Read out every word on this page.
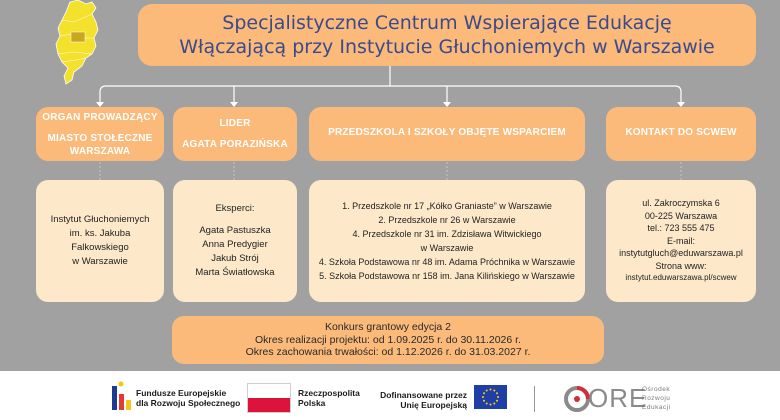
Specjalistyczne Centrum Wspierające Edukację
Włączającą przy Instytucie Głuchoniemych w Warszawie
ORGAN PROWADZĄCY
MIASTO STOŁECZNE
WARSZAWA
LIDER
AGATA PORAZIŃSKA
PRZEDSZKOLA I SZKOŁY OBJĘTE WSPARCIEM	KONTAKT DO SCWEW
Instytut Głuchoniemych
im. ks. Jakuba
Falkowskiego
w Warszawie
Eksperci:
Agata Pastuszka
Anna Predygier
Jakub Strój
Marta Światłowska
1. Przedszkole nr 17 „Kółko Graniaste” w Warszawie
2. Przedszkole nr 26 w Warszawie
4. Przedszkole nr 31 im. Zdzisława Witwickiego
w Warszawie
4. Szkoła Podstawowa nr 48 im. Adama Próchnika w Warszawie
5. Szkoła Podstawowa nr 158 im. Jana Kilińskiego w Warszawie
ul. Zakroczymska 6
00-225 Warszawa
tel.: 723 555 475
E-mail:
instytutgluch@eduwarszawa.pl
Strona www:
instytut.eduwarszawa.pl/scwew
Konkurs grantowy edycja 2
Okres realizacji projektu: od 1.09.2025 r. do 30.11.2026 r.
Okres zachowania trwałości: od 1.12.2026 r. do 31.03.2027 r.
Fundusze Europejskie
dla Rozwoju Społecznego
Rzeczpospolita
Polska
Dofinansowane przez
Unię Europejską	ORE
Ośrodek
Rozwoju
Edukacji
